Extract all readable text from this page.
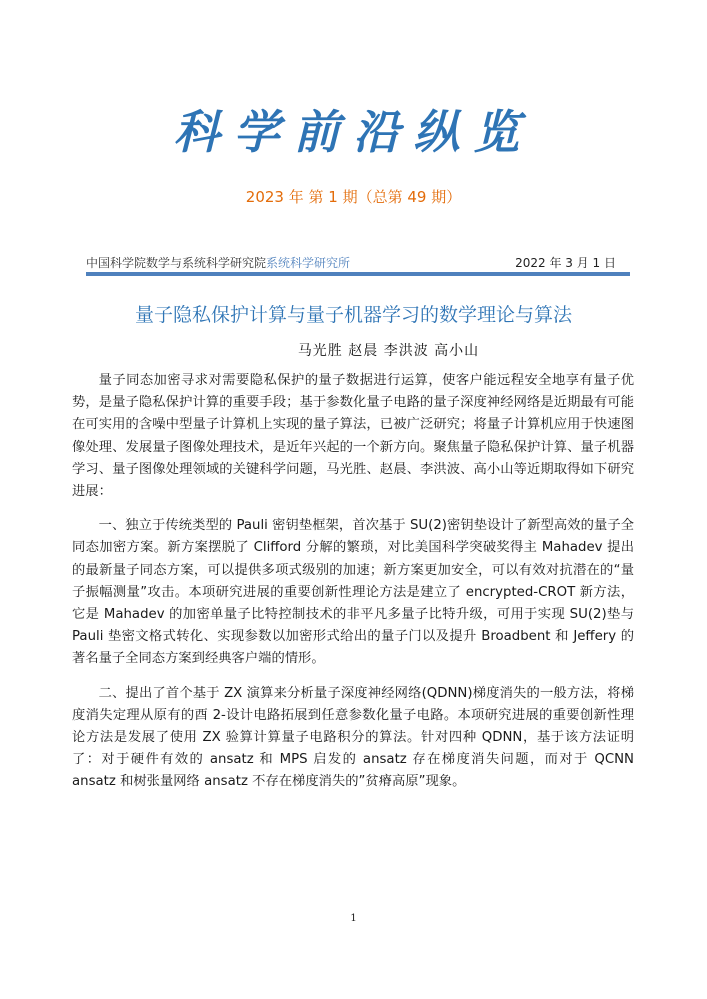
科学前沿纵览
2023 年 第 1 期（总第 49 期）
中国科学院数学与系统科学研究院系统科学研究所	2022 年 3 月 1 日
量子隐私保护计算与量子机器学习的数学理论与算法
马光胜 赵晨 李洪波 高小山

量子同态加密寻求对需要隐私保护的量子数据进行运算，使客户能远程安全地享有量子优势，是量子隐私保护计算的重要手段；基于参数化量子电路的量子深度神经网络是近期最有可能在可实用的含噪中型量子计算机上实现的量子算法，已被广泛研究；将量子计算机应用于快速图像处理、发展量子图像处理技术，是近年兴起的一个新方向。聚焦量子隐私保护计算、量子机器学习、量子图像处理领域的关键科学问题，马光胜、赵晨、李洪波、高小山等近期取得如下研究进展：

一、独立于传统类型的 Pauli 密钥垫框架，首次基于 SU(2)密钥垫设计了新型高效的量子全同态加密方案。新方案摆脱了 Clifford 分解的繁琐，对比美国科学突破奖得主 Mahadev 提出的最新量子同态方案，可以提供多项式级别的加速；新方案更加安全，可以有效对抗潜在的“量子振幅测量”攻击。本项研究进展的重要创新性理论方法是建立了 encrypted-CROT 新方法，它是 Mahadev 的加密单量子比特控制技术的非平凡多量子比特升级，可用于实现 SU(2)垫与 Pauli 垫密文格式转化、实现参数以加密形式给出的量子门以及提升 Broadbent 和 Jeffery 的著名量子全同态方案到经典客户端的情形。

二、提出了首个基于 ZX 演算来分析量子深度神经网络(QDNN)梯度消失的一般方法，将梯度消失定理从原有的酉 2-设计电路拓展到任意参数化量子电路。本项研究进展的重要创新性理论方法是发展了使用 ZX 验算计算量子电路积分的算法。针对四种 QDNN，基于该方法证明了：对于硬件有效的 ansatz 和 MPS 启发的 ansatz 存在梯度消失问题，而对于 QCNN ansatz 和树张量网络 ansatz 不存在梯度消失的”贫瘠高原”现象。

1
